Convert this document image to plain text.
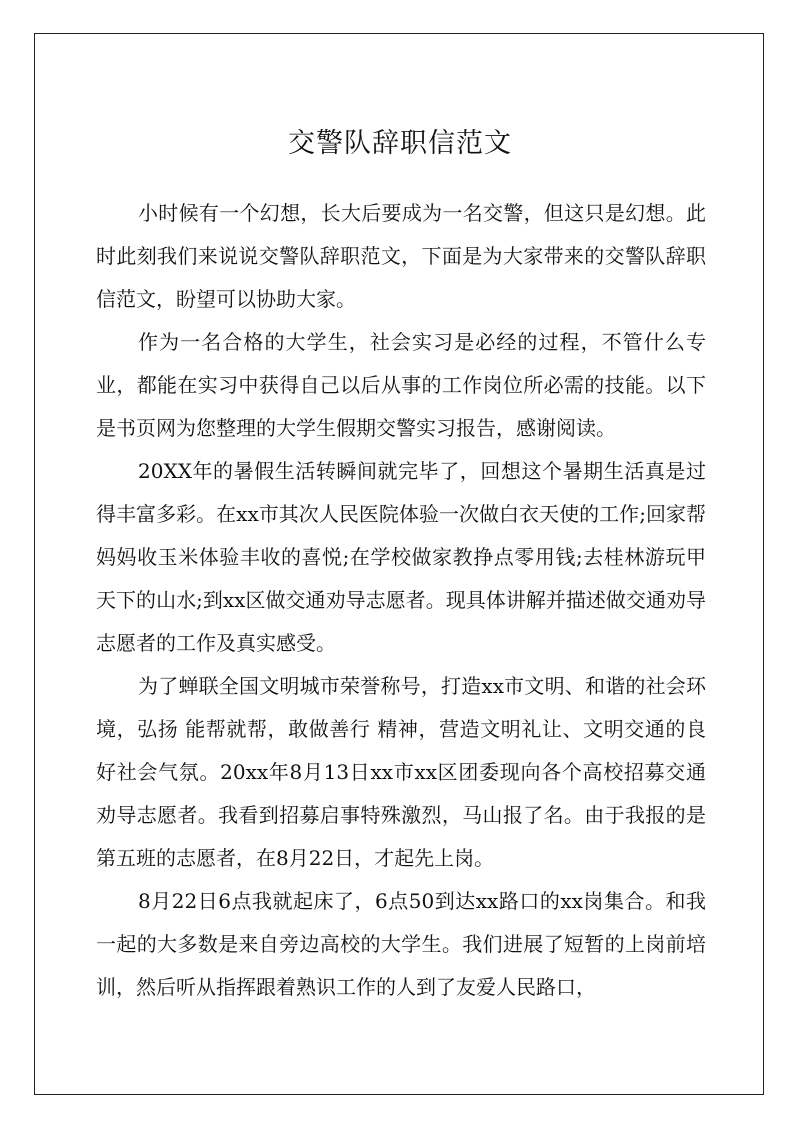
交警队辞职信范文

小时候有一个幻想，长大后要成为一名交警，但这只是幻想。此时此刻我们来说说交警队辞职范文，下面是为大家带来的交警队辞职信范文，盼望可以协助大家。

作为一名合格的大学生，社会实习是必经的过程，不管什么专业，都能在实习中获得自己以后从事的工作岗位所必需的技能。以下是书页网为您整理的大学生假期交警实习报告，感谢阅读。

20XX年的暑假生活转瞬间就完毕了，回想这个暑期生活真是过得丰富多彩。在xx市其次人民医院体验一次做白衣天使的工作;回家帮妈妈收玉米体验丰收的喜悦;在学校做家教挣点零用钱;去桂林游玩甲天下的山水;到xx区做交通劝导志愿者。现具体讲解并描述做交通劝导志愿者的工作及真实感受。

为了蝉联全国文明城市荣誉称号，打造xx市文明、和谐的社会环境，弘扬 能帮就帮，敢做善行 精神，营造文明礼让、文明交通的良好社会气氛。20xx年8月13日xx市xx区团委现向各个高校招募交通劝导志愿者。我看到招募启事特殊激烈，马山报了名。由于我报的是第五班的志愿者，在8月22日，才起先上岗。

8月22日6点我就起床了，6点50到达xx路口的xx岗集合。和我一起的大多数是来自旁边高校的大学生。我们进展了短暂的上岗前培训，然后听从指挥跟着熟识工作的人到了友爱人民路口，
